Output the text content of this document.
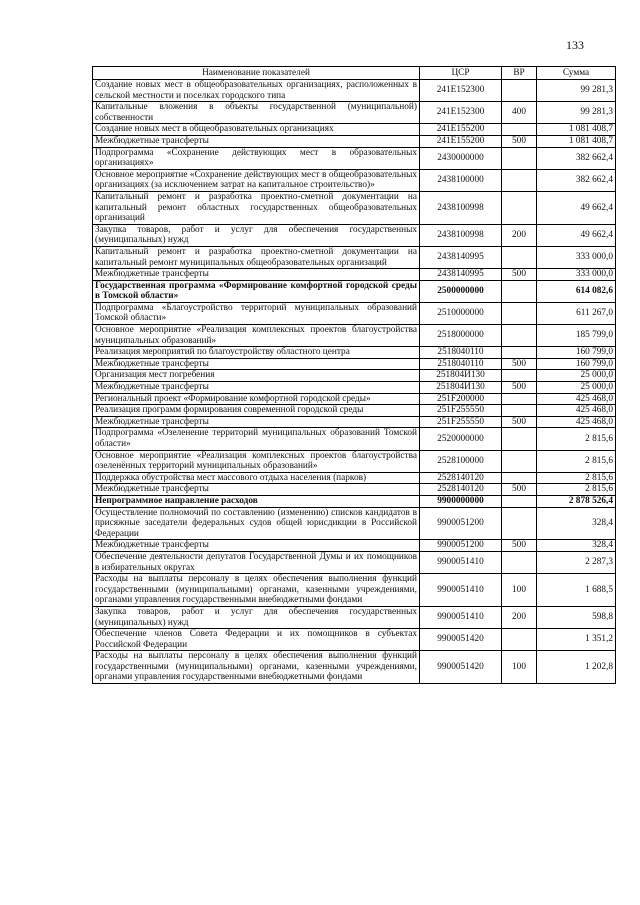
133
Наименование показателей	ЦСР	ВР	Сумма
Создание новых мест в общеобразовательных организациях, расположенных в сельской местности и поселках городского типа	241E152300		99 281,3
Капитальные вложения в объекты государственной (муниципальной) собственности	241E152300	400	99 281,3
Создание новых мест в общеобразовательных организациях	241E155200		1 081 408,7
Межбюджетные трансферты	241E155200	500	1 081 408,7
Подпрограмма «Сохранение действующих мест в образовательных организациях»	2430000000		382 662,4
Основное мероприятие «Сохранение действующих мест в общеобразовательных организациях (за исключением затрат на капитальное строительство)»	2438100000		382 662,4
Капитальный ремонт и разработка проектно-сметной документации на капитальный ремонт областных государственных общеобразовательных организаций	2438100998		49 662,4
Закупка товаров, работ и услуг для обеспечения государственных (муниципальных) нужд	2438100998	200	49 662,4
Капитальный ремонт и разработка проектно-сметной документации на капитальный ремонт муниципальных общеобразовательных организаций	2438140995		333 000,0
Межбюджетные трансферты	2438140995	500	333 000,0
Государственная программа «Формирование комфортной городской среды в Томской области»	2500000000		614 082,6
Подпрограмма «Благоустройство территорий муниципальных образований Томской области»	2510000000		611 267,0
Основное мероприятие «Реализация комплексных проектов благоустройства муниципальных образований»	2518000000		185 799,0
Реализация мероприятий по благоустройству областного центра	2518040110		160 799,0
Межбюджетные трансферты	2518040110	500	160 799,0
Организация мест погребения	251804И130		25 000,0
Межбюджетные трансферты	251804И130	500	25 000,0
Региональный проект «Формирование комфортной городской среды»	251F200000		425 468,0
Реализация программ формирования современной городской среды	251F255550		425 468,0
Межбюджетные трансферты	251F255550	500	425 468,0
Подпрограмма «Озеленение территорий муниципальных образований Томской области»	2520000000		2 815,6
Основное мероприятие «Реализация комплексных проектов благоустройства озеленённых территорий муниципальных образований»	2528100000		2 815,6
Поддержка обустройства мест массового отдыха населения (парков)	2528140120		2 815,6
Межбюджетные трансферты	2528140120	500	2 815,6
Непрограммное направление расходов	9900000000		2 878 526,4
Осуществление полномочий по составлению (изменению) списков кандидатов в присяжные заседатели федеральных судов общей юрисдикции в Российской Федерации	9900051200		328,4
Межбюджетные трансферты	9900051200	500	328,4
Обеспечение деятельности депутатов Государственной Думы и их помощников в избирательных округах	9900051410		2 287,3
Расходы на выплаты персоналу в целях обеспечения выполнения функций государственными (муниципальными) органами, казенными учреждениями, органами управления государственными внебюджетными фондами	9900051410	100	1 688,5
Закупка товаров, работ и услуг для обеспечения государственных (муниципальных) нужд	9900051410	200	598,8
Обеспечение членов Совета Федерации и их помощников в субъектах Российской Федерации	9900051420		1 351,2
Расходы на выплаты персоналу в целях обеспечения выполнения функций государственными (муниципальными) органами, казенными учреждениями, органами управления государственными внебюджетными фондами	9900051420	100	1 202,8
